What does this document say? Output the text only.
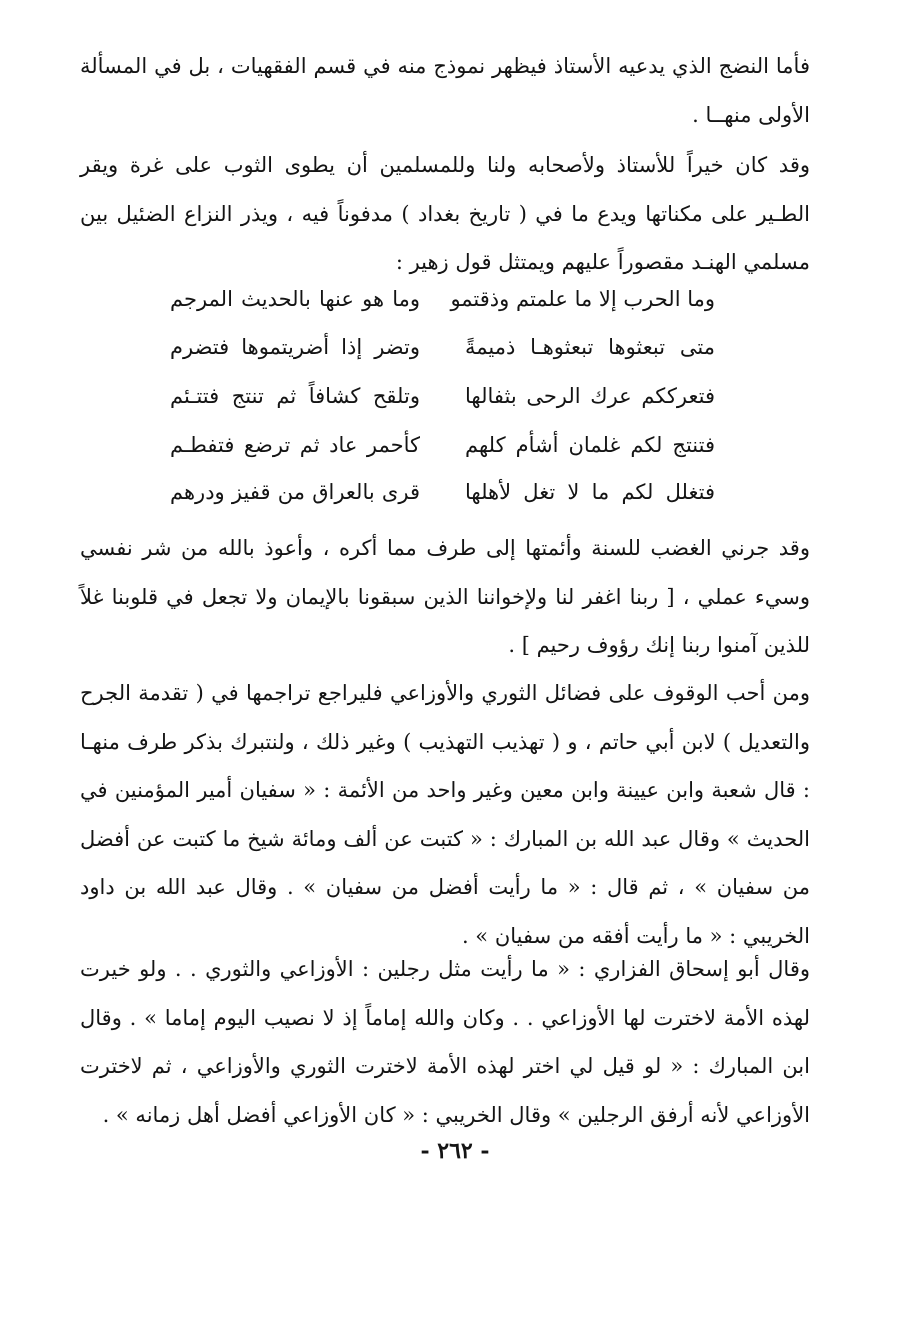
فأما النضج الذي يدعيه الأستاذ فيظهر نموذج منه في قسم الفقهيات ، بل في المسألة الأولى منهــا .

وقد كان خيراً للأستاذ ولأصحابه ولنا وللمسلمين أن يطوى الثوب على غرة ويقر الطـير على مكناتها ويدع ما في ( تاريخ بغداد ) مدفوناً فيه ، ويذر النزاع الضئيل بين مسلمي الهنـد مقصوراً عليهم ويمتثل قول زهير :

وما الحرب إلا ما علمتم وذقتمو
وما هو عنها بالحديث المرجم
متى تبعثوها تبعثوهـا ذميمةً
وتضر إذا أضريتموها فتضرم
فتعرككم عرك الرحى بثفالها
وتلقح كشافاً ثم تنتج فتتـئم
فتنتج لكم غلمان أشأم كلهم
كأحمر عاد ثم ترضع فتفطـم
فتغلل لكم ما لا تغل لأهلها
قرى بالعراق من قفيز ودرهم

وقد جرني الغضب للسنة وأئمتها إلى طرف مما أكره ، وأعوذ بالله من شر نفسي وسيء عملي ، [ ربنا اغفر لنا ولإخواننا الذين سبقونا بالإيمان ولا تجعل في قلوبنا غلاً للذين آمنوا ربنا إنك رؤوف رحيم ] .

ومن أحب الوقوف على فضائل الثوري والأوزاعي فليراجع تراجمها في ( تقدمة الجرح والتعديل ) لابن أبي حاتم ، و ( تهذيب التهذيب ) وغير ذلك ، ولنتبرك بذكر طرف منهـا : قال شعبة وابن عيينة وابن معين وغير واحد من الأئمة : « سفيان أمير المؤمنين في الحديث » وقال عبد الله بن المبارك : « كتبت عن ألف ومائة شيخ ما كتبت عن أفضل من سفيان » ، ثم قال : « ما رأيت أفضل من سفيان » . وقال عبد الله بن داود الخريبي : « ما رأيت أفقه من سفيان » .

وقال أبو إسحاق الفزاري : « ما رأيت مثل رجلين : الأوزاعي والثوري . . ولو خيرت لهذه الأمة لاخترت لها الأوزاعي . . وكان والله إماماً إذ لا نصيب اليوم إماما » . وقال ابن المبارك : « لو قيل لي اختر لهذه الأمة لاخترت الثوري والأوزاعي ، ثم لاخترت الأوزاعي لأنه أرفق الرجلين » وقال الخريبي : « كان الأوزاعي أفضل أهل زمانه » .

- ٢٦٢ -
